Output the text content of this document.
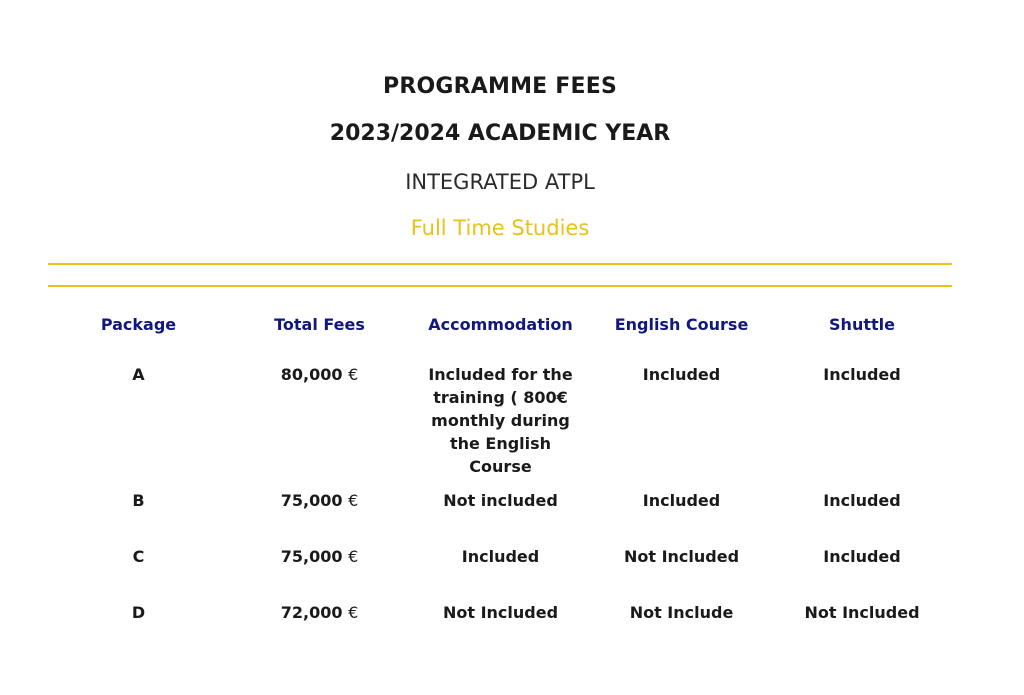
PROGRAMME FEES
2023/2024 ACADEMIC YEAR
INTEGRATED ATPL
Full Time Studies
Package	Total Fees	Accommodation	English Course	Shuttle
A	80,000 €	Included for the training ( 800€ monthly during the English Course	Included	Included
B	75,000 €	Not included	Included	Included
C	75,000 €	Included	Not Included	Included
D	72,000 €	Not Included	Not Include	Not Included
